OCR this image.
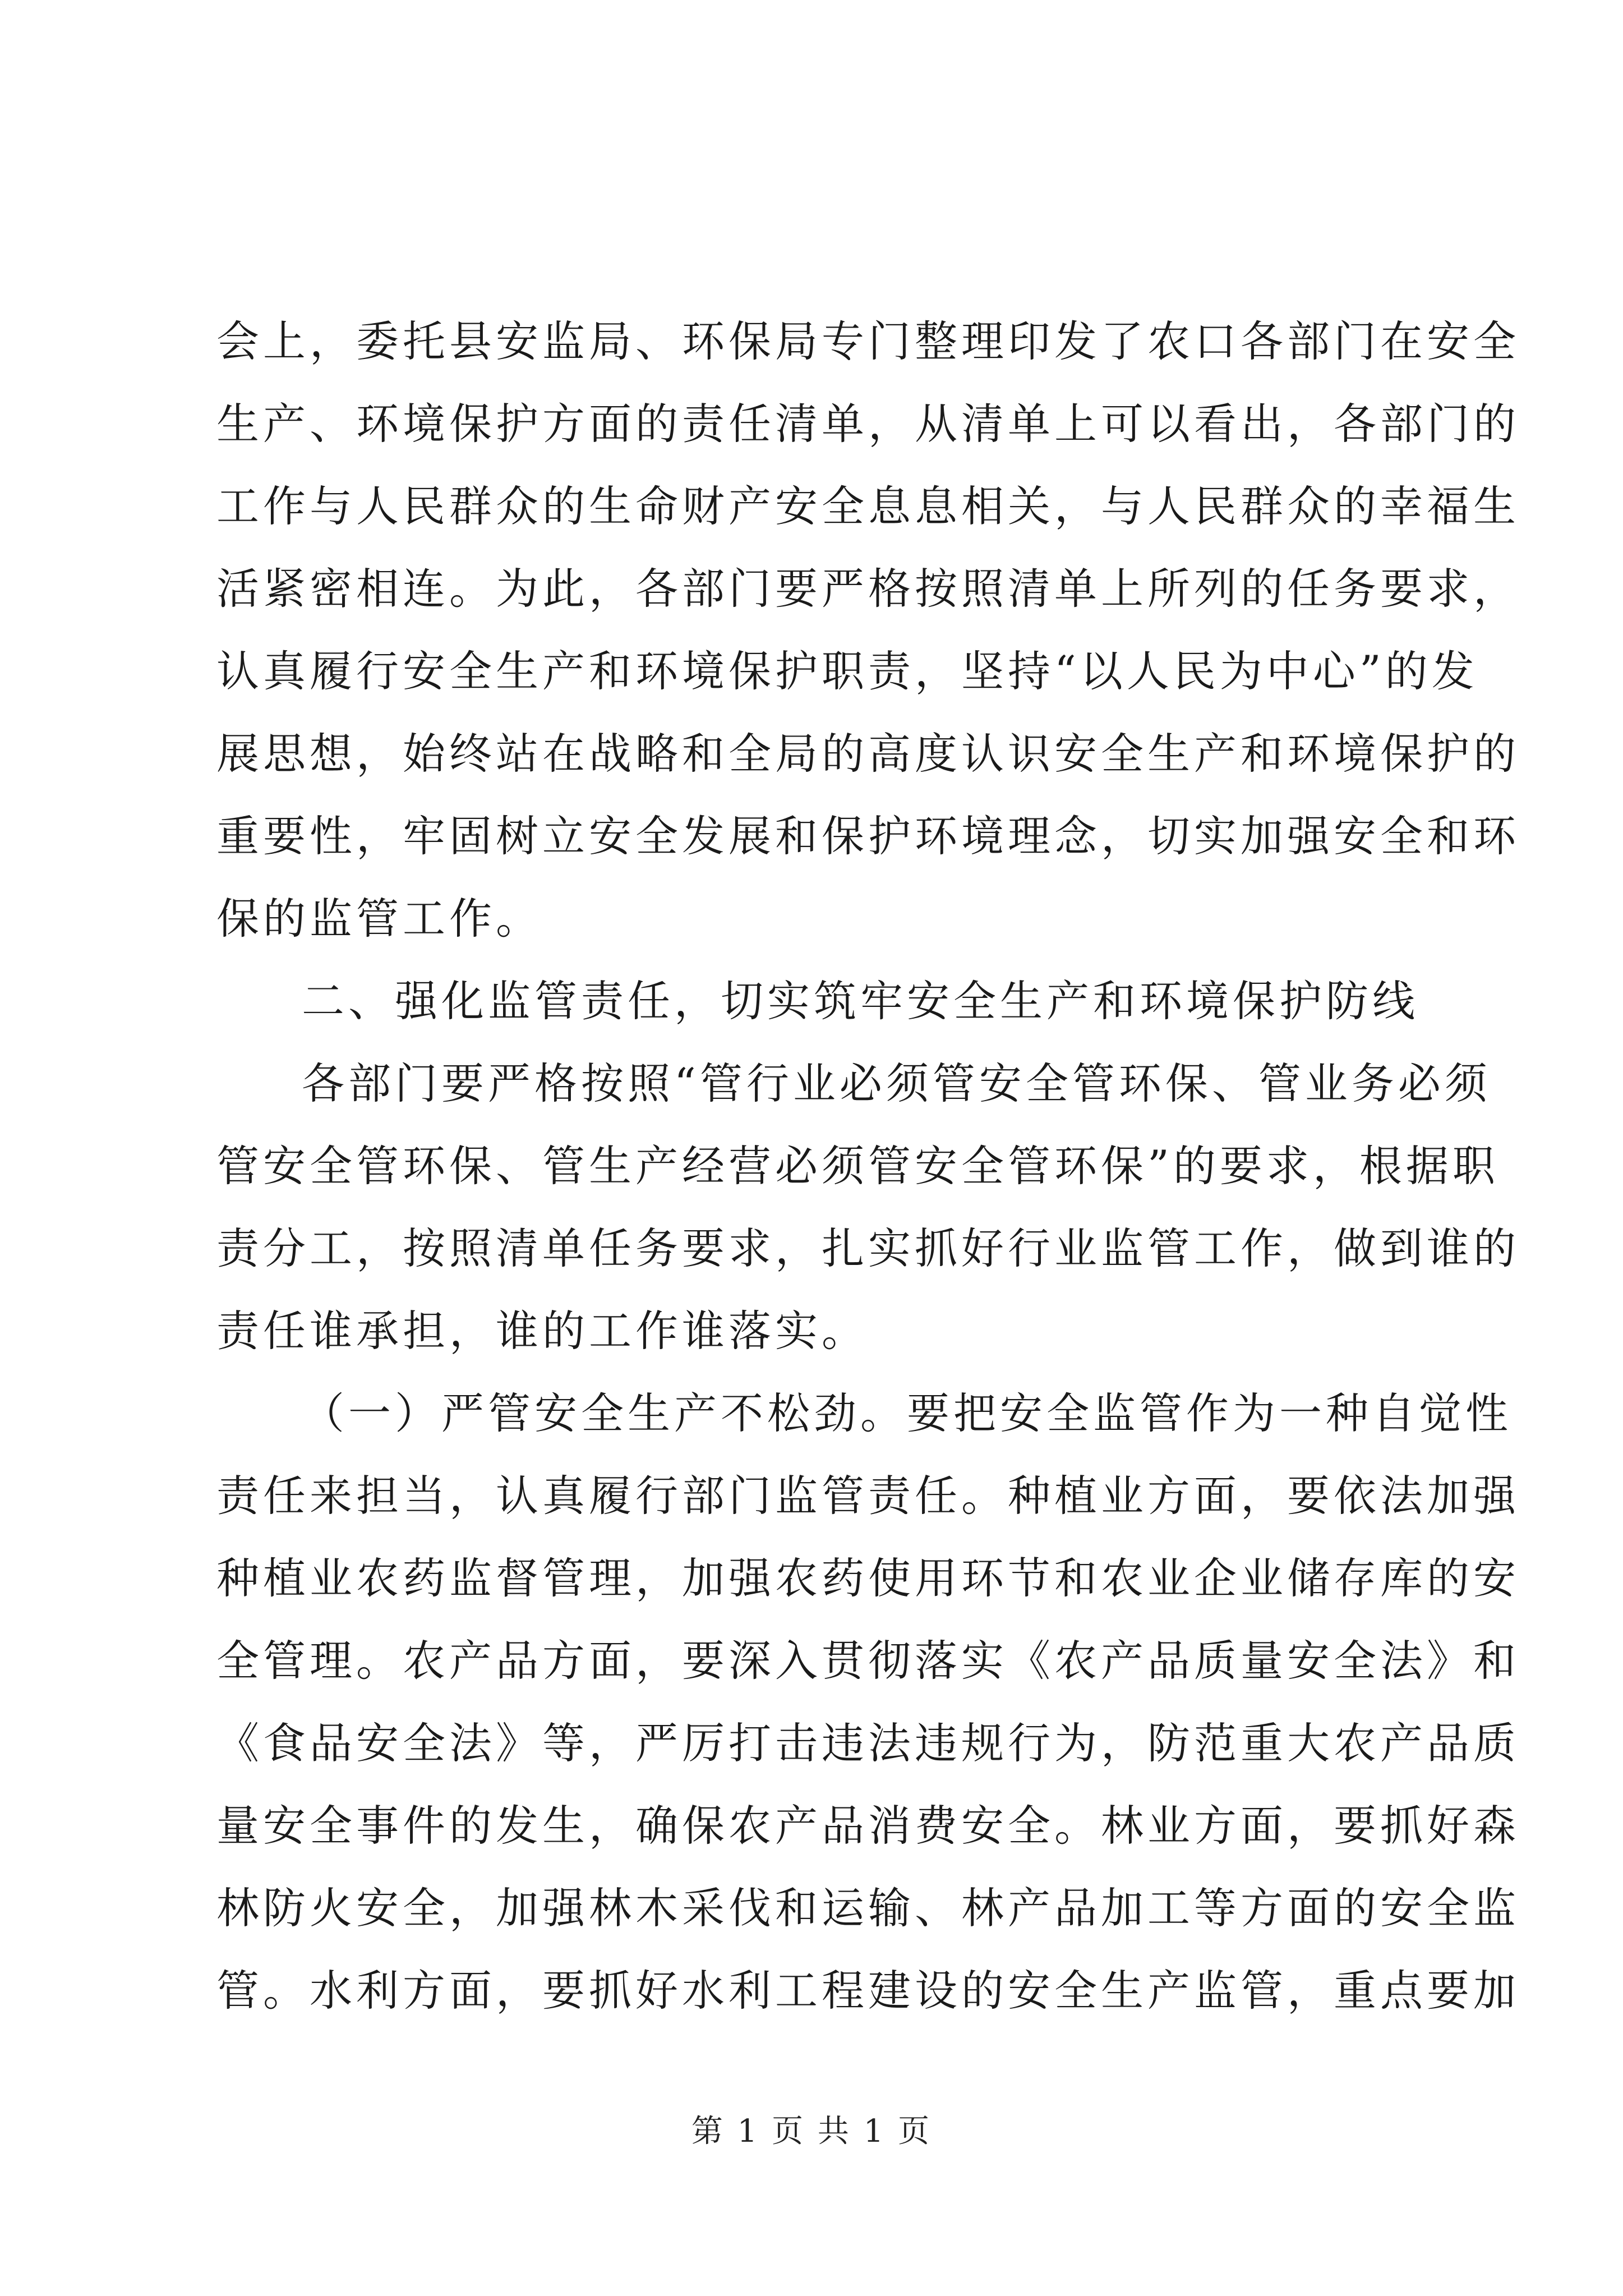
会上，委托县安监局、环保局专门整理印发了农口各部门在安全
生产、环境保护方面的责任清单，从清单上可以看出，各部门的
工作与人民群众的生命财产安全息息相关，与人民群众的幸福生
活紧密相连。为此，各部门要严格按照清单上所列的任务要求，
认真履行安全生产和环境保护职责，坚持“以人民为中心”的发
展思想，始终站在战略和全局的高度认识安全生产和环境保护的
重要性，牢固树立安全发展和保护环境理念，切实加强安全和环
保的监管工作。
二、强化监管责任，切实筑牢安全生产和环境保护防线
各部门要严格按照“管行业必须管安全管环保、管业务必须
管安全管环保、管生产经营必须管安全管环保”的要求，根据职
责分工，按照清单任务要求，扎实抓好行业监管工作，做到谁的
责任谁承担，谁的工作谁落实。
（一）严管安全生产不松劲。要把安全监管作为一种自觉性
责任来担当，认真履行部门监管责任。种植业方面，要依法加强
种植业农药监督管理，加强农药使用环节和农业企业储存库的安
全管理。农产品方面，要深入贯彻落实《农产品质量安全法》和
《食品安全法》等，严厉打击违法违规行为，防范重大农产品质
量安全事件的发生，确保农产品消费安全。林业方面，要抓好森
林防火安全，加强林木采伐和运输、林产品加工等方面的安全监
管。水利方面，要抓好水利工程建设的安全生产监管，重点要加
第 1 页 共 1 页
